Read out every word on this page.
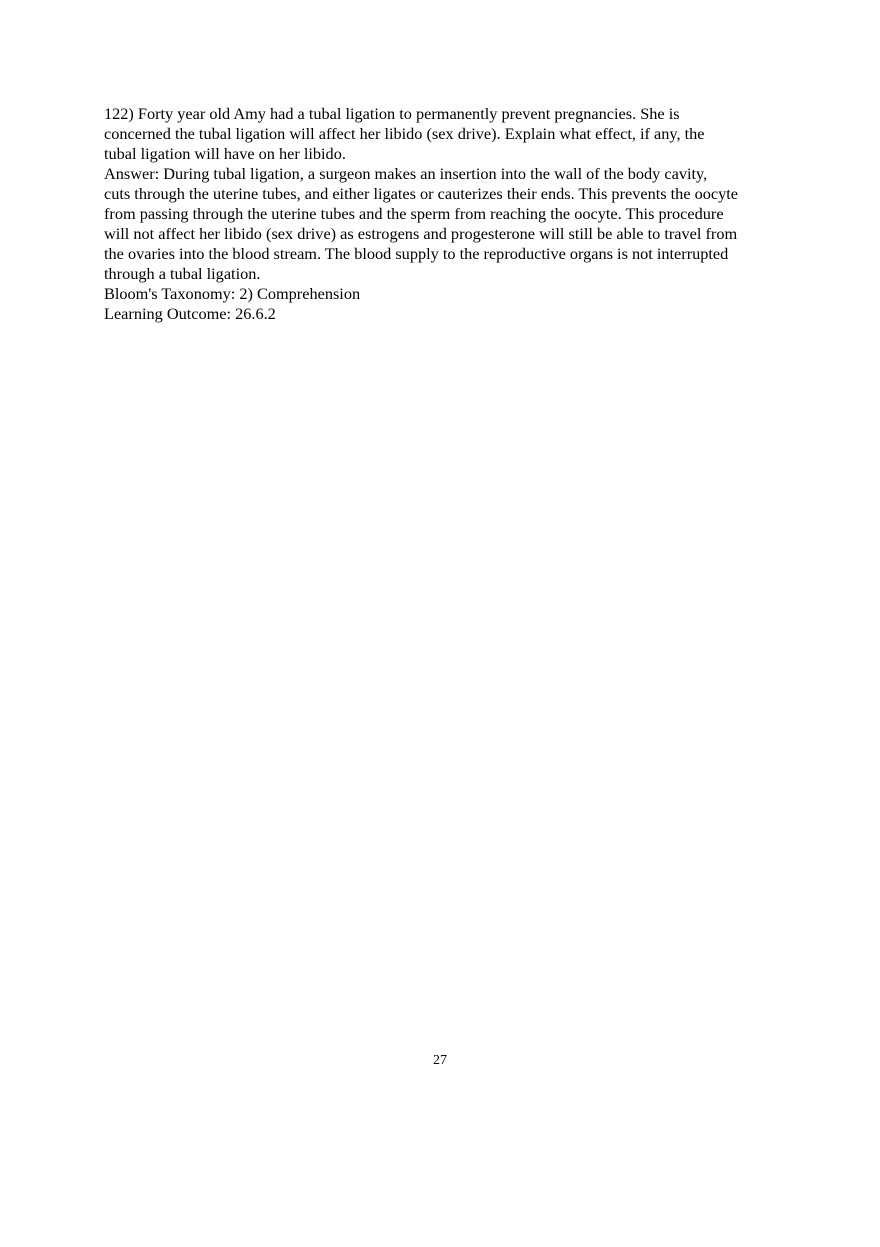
122) Forty year old Amy had a tubal ligation to permanently prevent pregnancies. She is
concerned the tubal ligation will affect her libido (sex drive). Explain what effect, if any, the
tubal ligation will have on her libido.
Answer: During tubal ligation, a surgeon makes an insertion into the wall of the body cavity,
cuts through the uterine tubes, and either ligates or cauterizes their ends. This prevents the oocyte
from passing through the uterine tubes and the sperm from reaching the oocyte. This procedure
will not affect her libido (sex drive) as estrogens and progesterone will still be able to travel from
the ovaries into the blood stream. The blood supply to the reproductive organs is not interrupted
through a tubal ligation.
Bloom's Taxonomy: 2) Comprehension
Learning Outcome: 26.6.2
27
